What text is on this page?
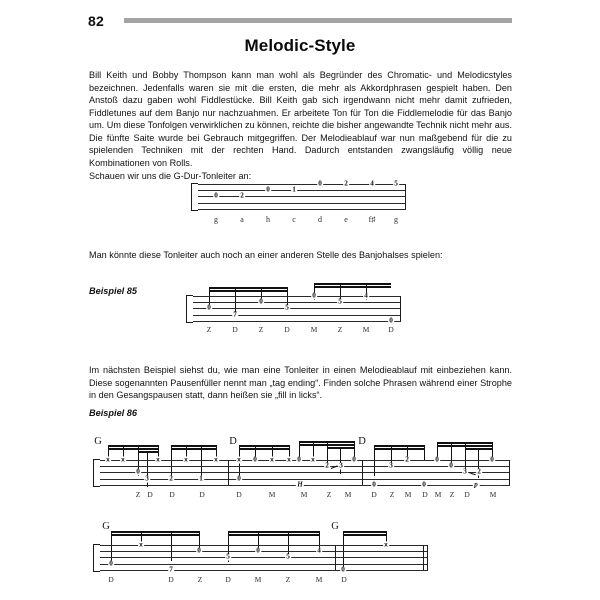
82
Melodic-Style
Bill Keith und Bobby Thompson kann man wohl als Begründer des Chromatic- und Melodicstyles bezeichnen. Jedenfalls waren sie mit die ersten, die mehr als Akkordphrasen gespielt haben. Den Anstoß dazu gaben wohl Fiddlestücke. Bill Keith gab sich irgendwann nicht mehr damit zufrieden, Fiddletunes auf dem Banjo nur nachzuahmen. Er arbeitete Ton für Ton die Fiddlemelodie für das Banjo um. Um diese Tonfolgen verwirklichen zu können, reichte die bisher angewandte Technik nicht mehr aus. Die fünfte Saite wurde bei Gebrauch mitgegriffen. Der Melodieablauf war nun maßgebend für die zu spielenden Techniken mit der rechten Hand. Dadurch entstanden zwangsläufig völlig neue Kombinationen von Rolls.
Schauen wir uns die G-Dur-Tonleiter an:
0	2
0	1
0	2	4	5
g	a	h	c	d	e	f♯ g
Man könnte diese Tonleiter auch noch an einer anderen Stelle des Banjohalses spielen:
Beispiel 85
0
7
0
5
0
5
4
0
Z	D	Z	D	M	Z	M	D
Im nächsten Beispiel siehst du, wie man eine Tonleiter in einen Melodieablauf mit einbeziehen kann. Diese sogenannten Pausenfüller nennt man „tag ending“. Finden solche Phrasen während einer Strophe in den Gesangspausen statt, dann heißen sie „fill in licks“.
Beispiel 86
G	D	D
x x
0
3
x
2
x
1
x	x
0
x
0	x
0
x
2 3
0
H	0
3
2
0
0
0
3 2
0
p
Z D D	D	D	M	M	Z M	D Z M D M Z D	M
G	G
0
x
7
0
5
0
5
4
0
x
D	D	Z	D	M	Z	M	D
